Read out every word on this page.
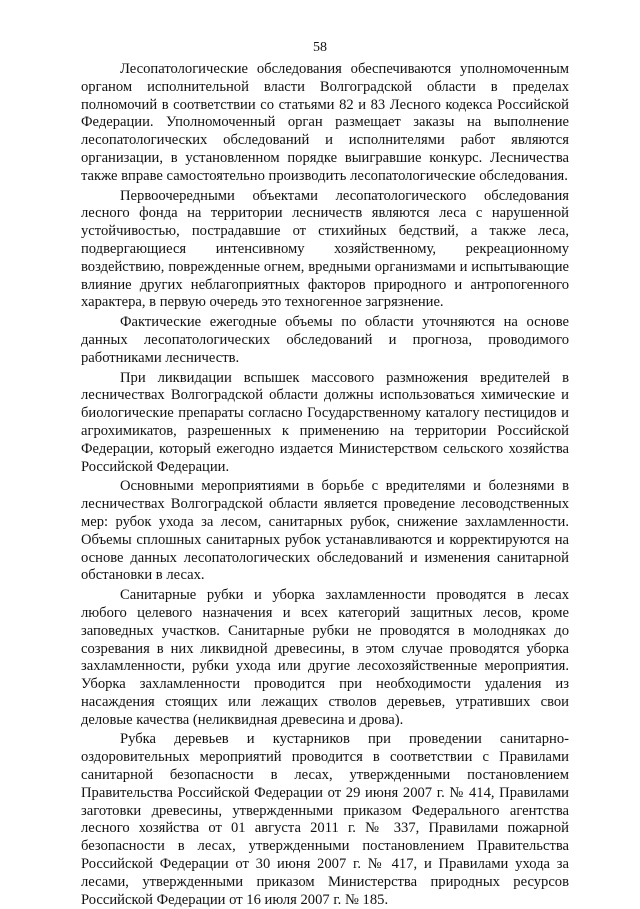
58

Лесопатологические обследования обеспечиваются уполномоченным органом исполнительной власти Волгоградской области в пределах полномочий в соответствии со статьями 82 и 83 Лесного кодекса Российской Федерации. Уполномоченный орган размещает заказы на выполнение лесопатологических обследований и исполнителями работ являются организации, в установленном порядке выигравшие конкурс. Лесничества также вправе самостоятельно производить лесопатологические обследования.

Первоочередными объектами лесопатологического обследования лесного фонда на территории лесничеств являются леса с нарушенной устойчивостью, пострадавшие от стихийных бедствий, а также леса, подвергающиеся интенсивному хозяйственному, рекреационному воздействию, поврежденные огнем, вредными организмами и испытывающие влияние других неблагоприятных факторов природного и антропогенного характера, в первую очередь это техногенное загрязнение.

Фактические ежегодные объемы по области уточняются на основе данных лесопатологических обследований и прогноза, проводимого работниками лесничеств.

При ликвидации вспышек массового размножения вредителей в лесничествах Волгоградской области должны использоваться химические и биологические препараты согласно Государственному каталогу пестицидов и агрохимикатов, разрешенных к применению на территории Российской Федерации, который ежегодно издается Министерством сельского хозяйства Российской Федерации.

Основными мероприятиями в борьбе с вредителями и болезнями в лесничествах Волгоградской области является проведение лесоводственных мер: рубок ухода за лесом, санитарных рубок, снижение захламленности. Объемы сплошных санитарных рубок устанавливаются и корректируются на основе данных лесопатологических обследований и изменения санитарной обстановки в лесах.

Санитарные рубки и уборка захламленности проводятся в лесах любого целевого назначения и всех категорий защитных лесов, кроме заповедных участков. Санитарные рубки не проводятся в молодняках до созревания в них ликвидной древесины, в этом случае проводятся уборка захламленности, рубки ухода или другие лесохозяйственные мероприятия. Уборка захламленности проводится при необходимости удаления из насаждения стоящих или лежащих стволов деревьев, утративших свои деловые качества (неликвидная древесина и дрова).

Рубка деревьев и кустарников при проведении санитарно-оздоровительных мероприятий проводится в соответствии с Правилами санитарной безопасности в лесах, утвержденными постановлением Правительства Российской Федерации от 29 июня 2007 г. № 414, Правилами заготовки древесины, утвержденными приказом Федерального агентства лесного хозяйства от 01 августа 2011 г. № 337, Правилами пожарной безопасности в лесах, утвержденными постановлением Правительства Российской Федерации от 30 июня 2007 г. № 417, и Правилами ухода за лесами, утвержденными приказом Министерства природных ресурсов Российской Федерации от 16 июля 2007 г. № 185.
